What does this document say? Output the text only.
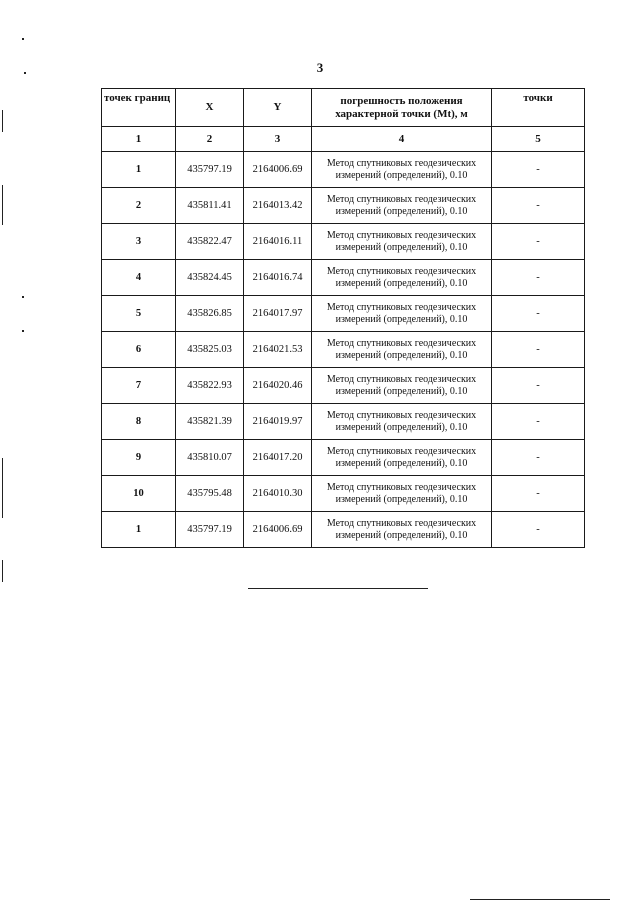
3
точек границ	X	Y	погрешность положения характерной точки (Mt), м	точки
1	2	3	4	5
1	435797.19	2164006.69	Метод спутниковых геодезических измерений (определений), 0.10	-
2	435811.41	2164013.42	Метод спутниковых геодезических измерений (определений), 0.10	-
3	435822.47	2164016.11	Метод спутниковых геодезических измерений (определений), 0.10	-
4	435824.45	2164016.74	Метод спутниковых геодезических измерений (определений), 0.10	-
5	435826.85	2164017.97	Метод спутниковых геодезических измерений (определений), 0.10	-
6	435825.03	2164021.53	Метод спутниковых геодезических измерений (определений), 0.10	-
7	435822.93	2164020.46	Метод спутниковых геодезических измерений (определений), 0.10	-
8	435821.39	2164019.97	Метод спутниковых геодезических измерений (определений), 0.10	-
9	435810.07	2164017.20	Метод спутниковых геодезических измерений (определений), 0.10	-
10	435795.48	2164010.30	Метод спутниковых геодезических измерений (определений), 0.10	-
1	435797.19	2164006.69	Метод спутниковых геодезических измерений (определений), 0.10	-
